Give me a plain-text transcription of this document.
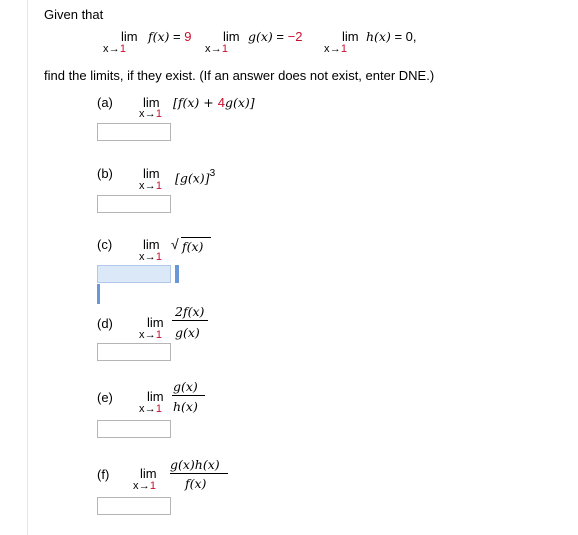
Given that
lim
x→1
f(x) = 9 lim
x→1
g(x) = −2	lim
x→1
h(x) = 0,
find the limits, if they exist. (If an answer does not exist, enter DNE.)
(a) lim
x→1
[f(x) + 4g(x)]
(b) lim
x→1
$[g(x)]^3$
(c) lim
x→1
√ f(x)
(d)	lim
x→1
2f(x)
g(x)
(e)	lim
x→1
g(x)
h(x)
(f) lim
x→1
g(x)h(x)
f(x)
